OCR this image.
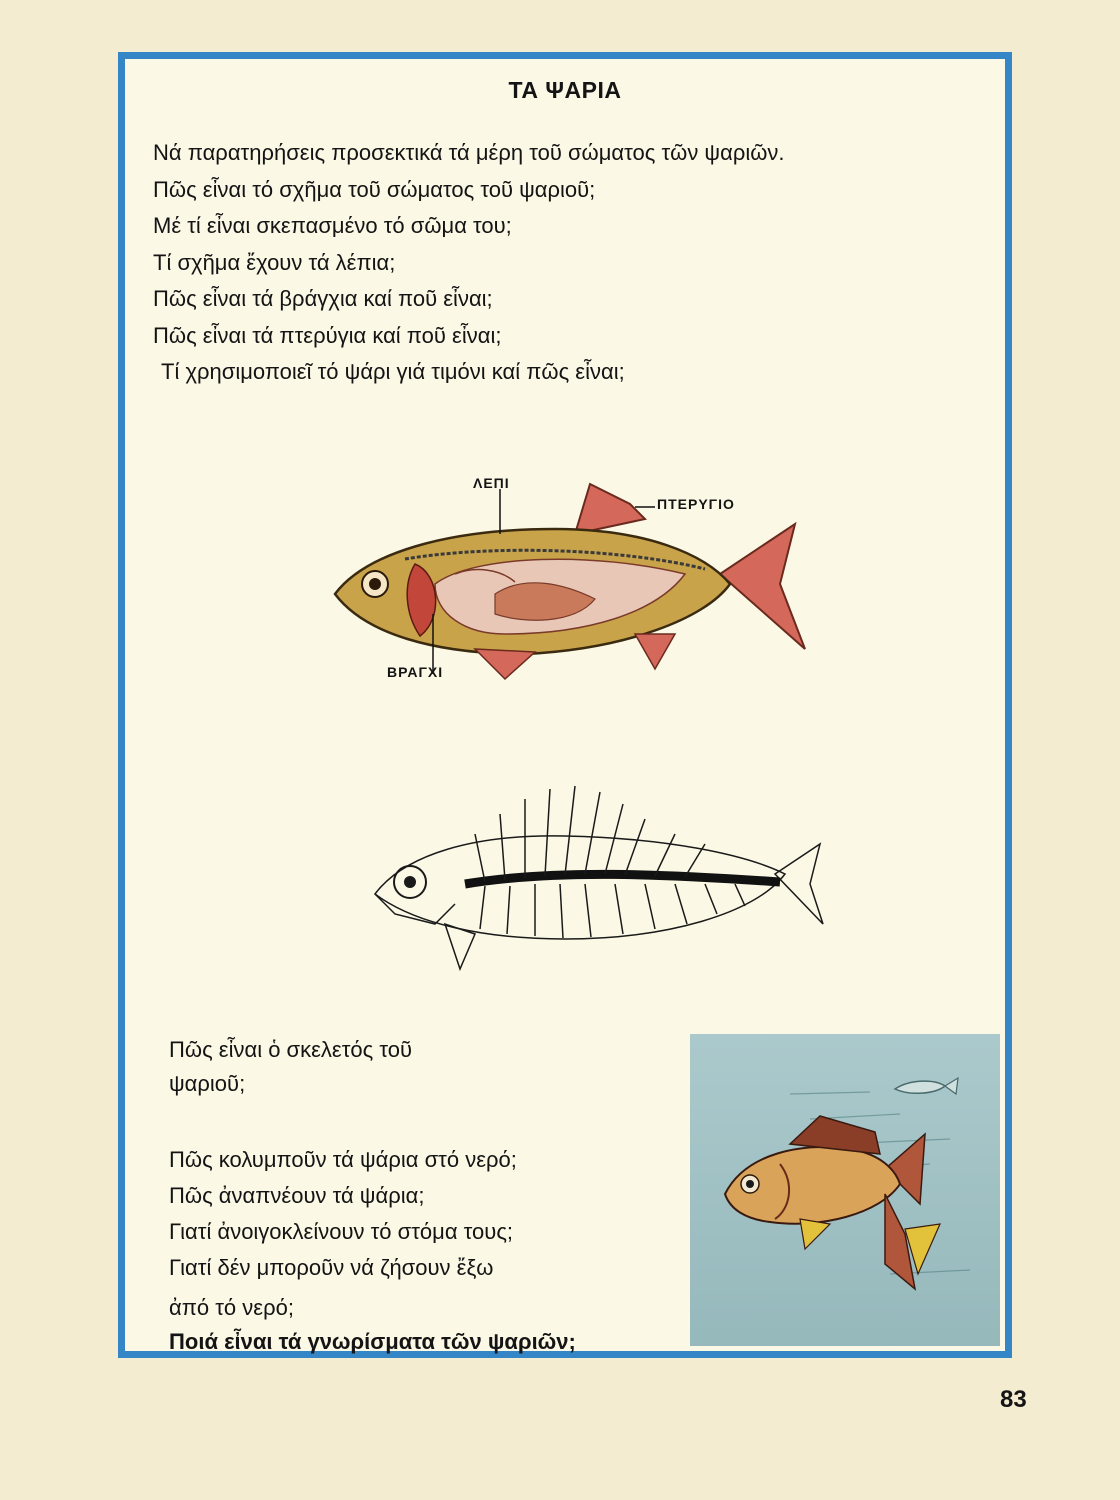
ΤΑ ΨΑΡΙΑ
Νά παρατηρήσεις προσεκτικά τά μέρη τοῦ σώματος τῶν ψαριῶν.
Πῶς εἶναι τό σχῆμα τοῦ σώματος τοῦ ψαριοῦ;
Μέ τί εἶναι σκεπασμένο τό σῶμα του;
Τί σχῆμα ἔχουν τά λέπια;
Πῶς εἶναι τά βράγχια καί ποῦ εἶναι;
Πῶς εἶναι τά πτερύγια καί ποῦ εἶναι;
Τί χρησιμοποιεῖ τό ψάρι γιά τιμόνι καί πῶς εἶναι;
ΛΕΠΙ
ΠΤΕΡΥΓΙΟ
ΒΡΑΓΧΙ
Πῶς εἶναι ὁ σκελετός τοῦ
ψαριοῦ;
Πῶς κολυμποῦν τά ψάρια στό νερό;
Πῶς ἀναπνέουν τά ψάρια;
Γιατί ἀνοιγοκλείνουν τό στόμα τους;
Γιατί δέν μποροῦν νά ζήσουν ἔξω
ἀπό τό νερό;
Ποιά εἶναι τά γνωρίσματα τῶν ψαριῶν;
83
